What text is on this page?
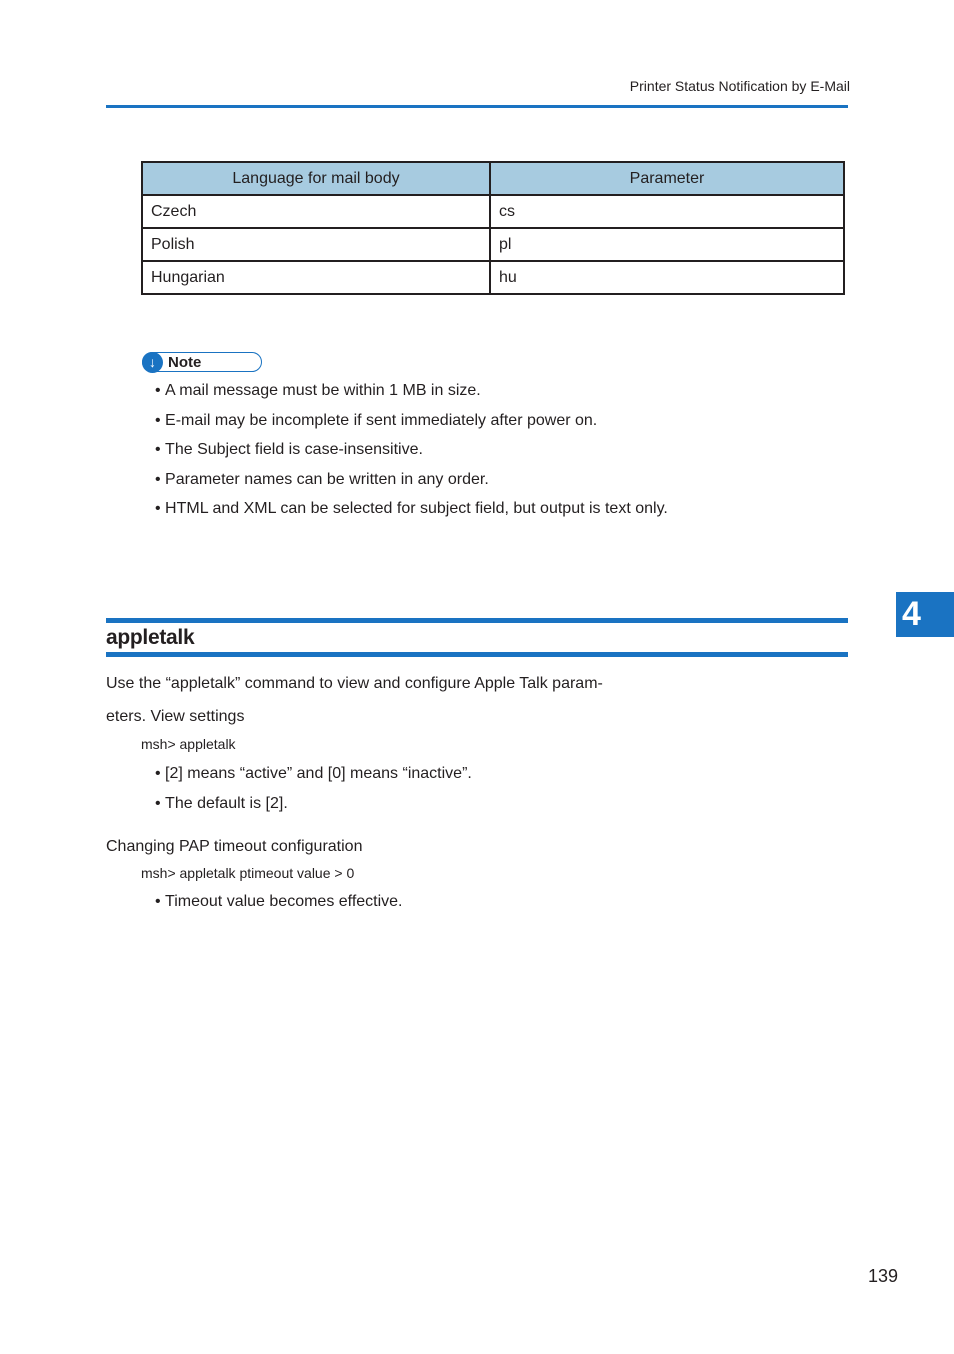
Printer Status Notification by E-Mail
Language for mail body	Parameter
Czech	cs
Polish	pl
Hungarian	hu
↓ Note
• A mail message must be within 1 MB in size.
• E-mail may be incomplete if sent immediately after power on.
• The Subject field is case-insensitive.
• Parameter names can be written in any order.
• HTML and XML can be selected for subject field, but output is text only.
appletalk
4
Use the “appletalk” command to view and configure Apple Talk param-
eters. View settings
msh> appletalk
• [2] means “active” and [0] means “inactive”.
• The default is [2].
Changing PAP timeout configuration
msh> appletalk ptimeout value > 0
• Timeout value becomes effective.
139
